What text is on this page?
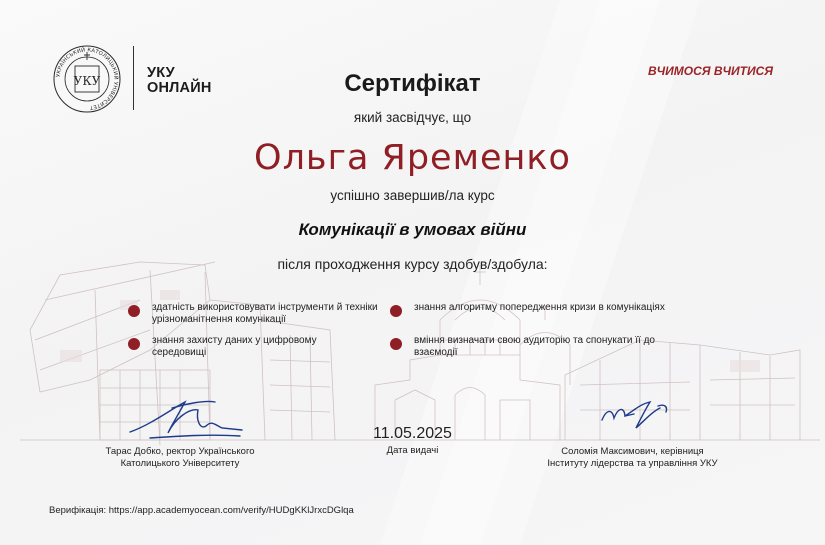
УКРАЇНСЬКИЙ КАТОЛИЦЬКИЙ УНІВЕРСИТЕТ
УКУ	УКУ
ОНЛАЙН
ВЧИМОСЯ ВЧИТИСЯ
Сертифікат
який засвідчує, що
Ольга Яременко
успішно завершив/ла курс
Комунікації в умовах війни
після проходження курсу здобув/здобула:
здатність використовувати інструменти й техніки урізноманітнення комунікації
знання захисту даних у цифровому середовищі
знання алгоритму попередження кризи в комунікаціях
вміння визначати свою аудиторію та спонукати її до взаємодії
Тарас Добко, ректор Українського
Католицького Університету
11.05.2025
Дата видачі	Соломія Максимович, керівниця
Інституту лідерства та управління УКУ
Верифікація: https://app.academyocean.com/verify/HUDgKKlJrxcDGlqa
